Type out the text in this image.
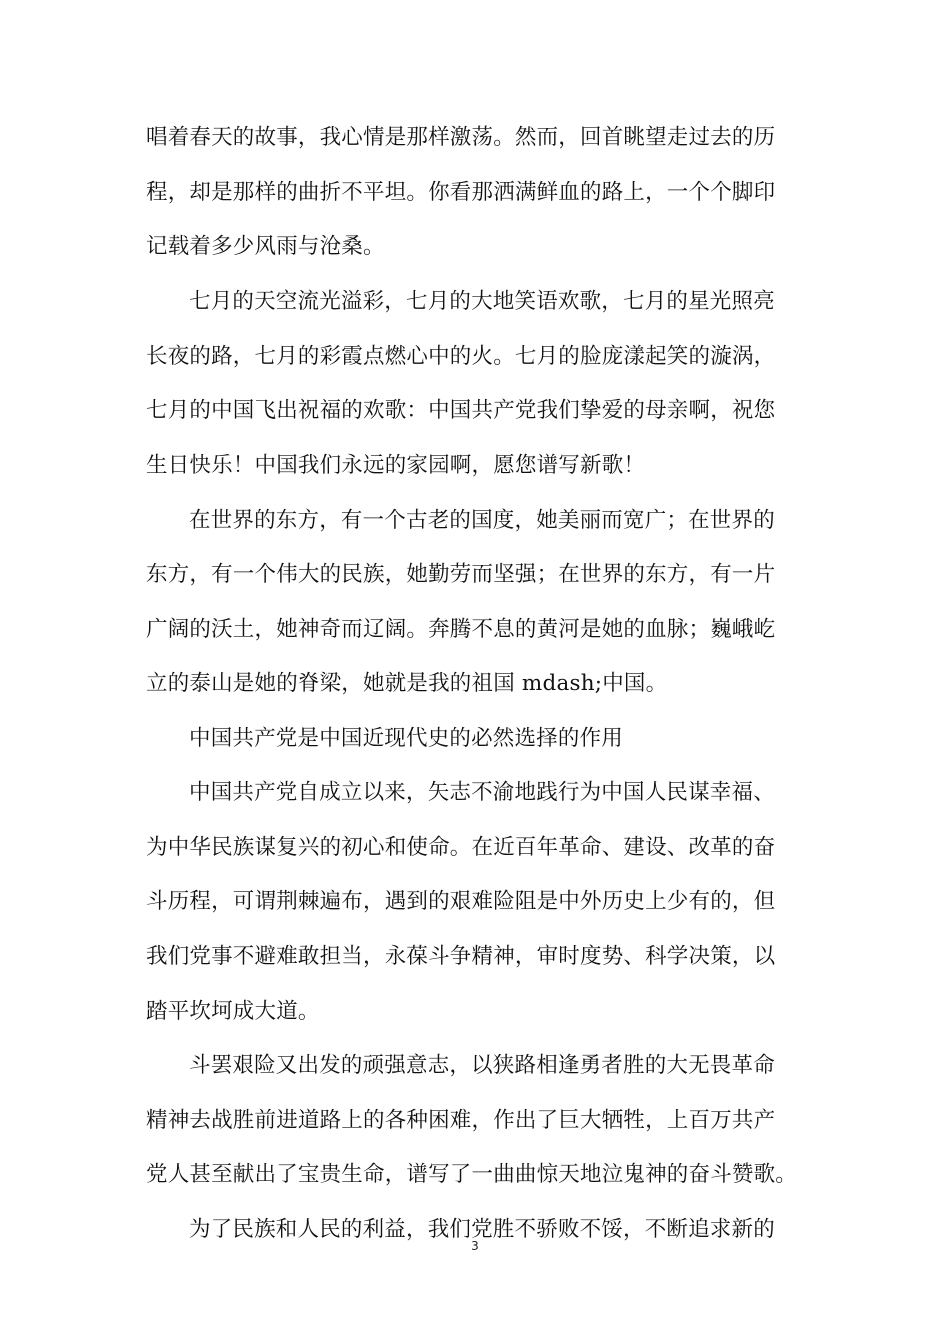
唱着春天的故事，我心情是那样激荡。然而，回首眺望走过去的历
程，却是那样的曲折不平坦。你看那洒满鲜血的路上，一个个脚印
记载着多少风雨与沧桑。
七月的天空流光溢彩，七月的大地笑语欢歌，七月的星光照亮
长夜的路，七月的彩霞点燃心中的火。七月的脸庞漾起笑的漩涡，
七月的中国飞出祝福的欢歌：中国共产党我们挚爱的母亲啊，祝您
生日快乐！中国我们永远的家园啊，愿您谱写新歌！
在世界的东方，有一个古老的国度，她美丽而宽广；在世界的
东方，有一个伟大的民族，她勤劳而坚强；在世界的东方，有一片
广阔的沃土，她神奇而辽阔。奔腾不息的黄河是她的血脉；巍峨屹
立的泰山是她的脊梁，她就是我的祖国 mdash;中国。
中国共产党是中国近现代史的必然选择的作用
中国共产党自成立以来，矢志不渝地践行为中国人民谋幸福、
为中华民族谋复兴的初心和使命。在近百年革命、建设、改革的奋
斗历程，可谓荆棘遍布，遇到的艰难险阻是中外历史上少有的，但
我们党事不避难敢担当，永葆斗争精神，审时度势、科学决策，以
踏平坎坷成大道。
斗罢艰险又出发的顽强意志，以狭路相逢勇者胜的大无畏革命
精神去战胜前进道路上的各种困难，作出了巨大牺牲，上百万共产
党人甚至献出了宝贵生命，谱写了一曲曲惊天地泣鬼神的奋斗赞歌。
为了民族和人民的利益，我们党胜不骄败不馁，不断追求新的
3
